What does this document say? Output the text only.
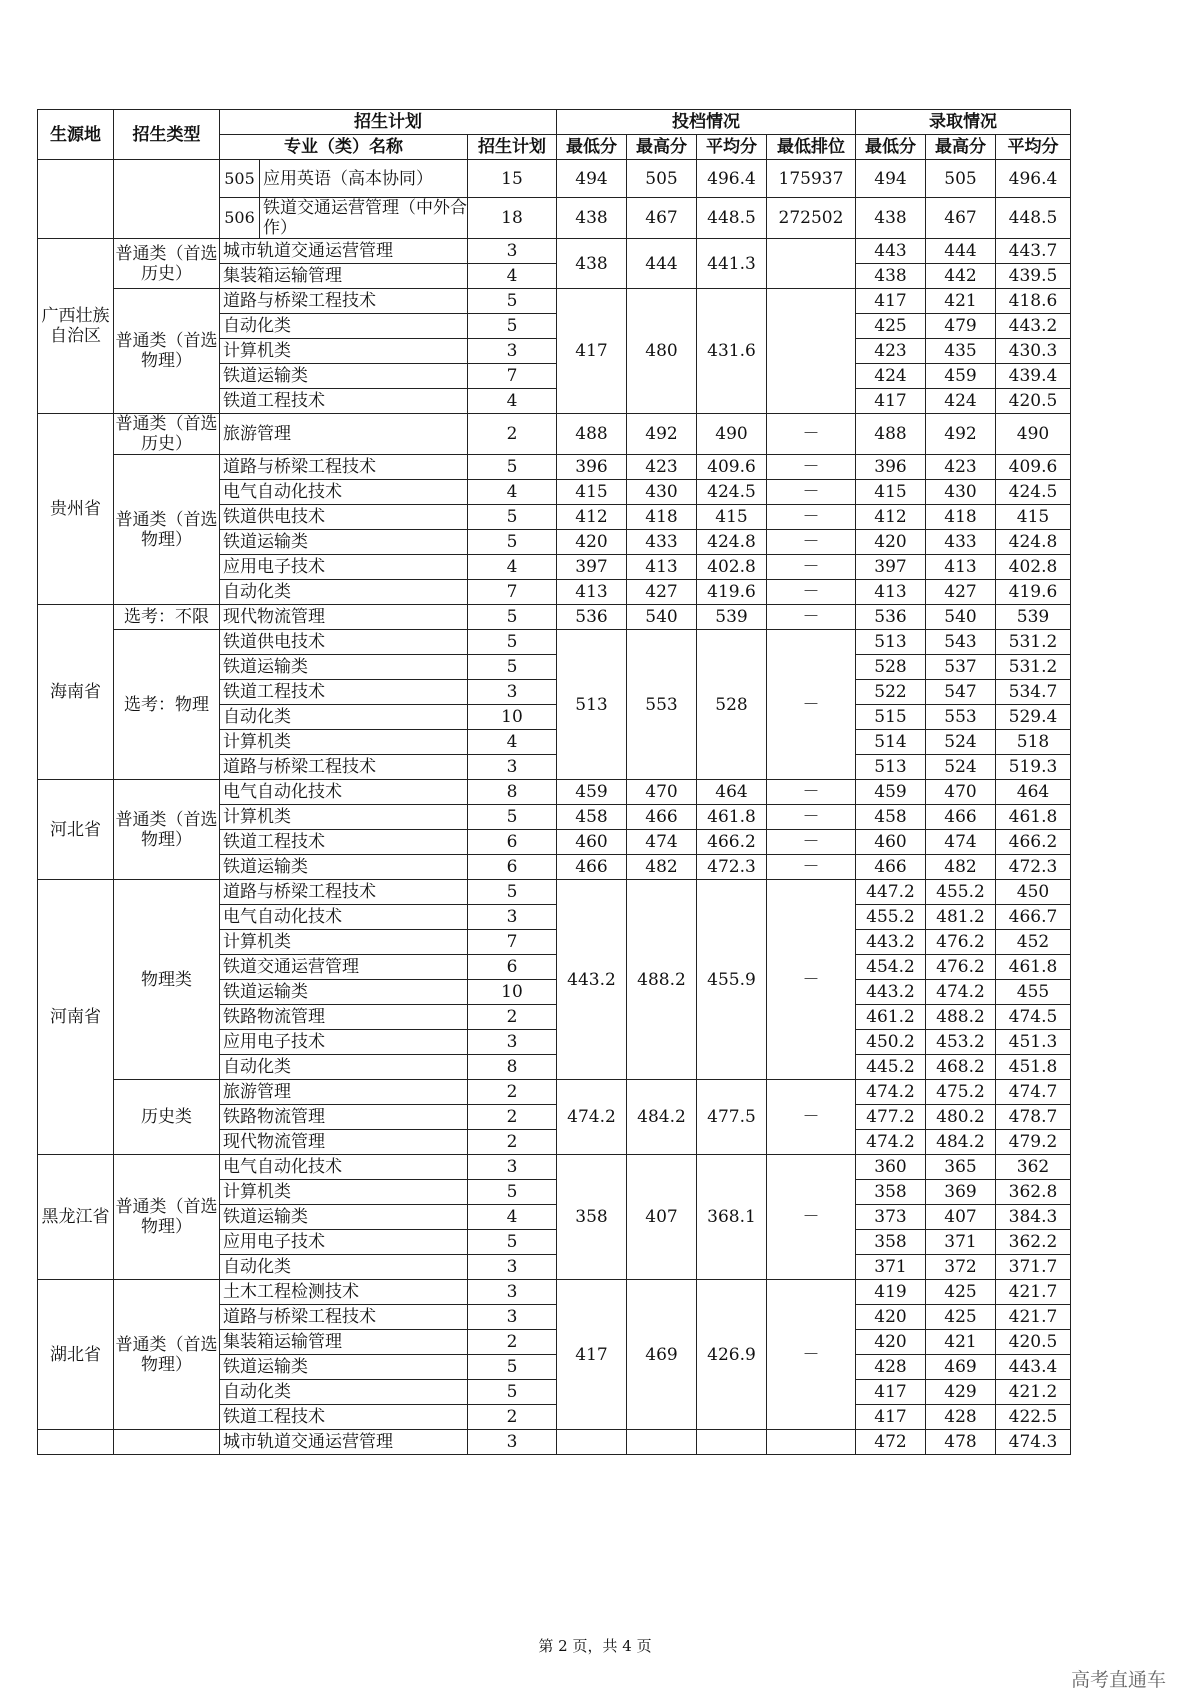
生源地	招生类型	招生计划			投档情况				录取情况		
		专业（类）名称		招生计划	最低分	最高分	平均分	最低排位	最低分	最高分	平均分
		505	应用英语（高本协同）	15	494	505	496.4	175937	494	505	496.4
		506	铁道交通运营管理（中外合作）	18	438	467	448.5	272502	438	467	448.5
广西壮族自治区	普通类（首选历史）	城市轨道交通运营管理		3	438	444	441.3		443	444	443.7
		集装箱运输管理		4					438	442	439.5
	普通类（首选物理）	道路与桥梁工程技术		5	417	480	431.6		417	421	418.6
		自动化类		5					425	479	443.2
		计算机类		3					423	435	430.3
		铁道运输类		7					424	459	439.4
		铁道工程技术		4					417	424	420.5
贵州省	普通类（首选历史）	旅游管理		2	488	492	490	－	488	492	490
	普通类（首选物理）	道路与桥梁工程技术		5	396	423	409.6	－	396	423	409.6
		电气自动化技术		4	415	430	424.5	－	415	430	424.5
		铁道供电技术		5	412	418	415	－	412	418	415
		铁道运输类		5	420	433	424.8	－	420	433	424.8
		应用电子技术		4	397	413	402.8	－	397	413	402.8
		自动化类		7	413	427	419.6	－	413	427	419.6
海南省	选考：不限	现代物流管理		5	536	540	539	－	536	540	539
	选考：物理	铁道供电技术		5	513	553	528	－	513	543	531.2
		铁道运输类		5					528	537	531.2
		铁道工程技术		3					522	547	534.7
		自动化类		10					515	553	529.4
		计算机类		4					514	524	518
		道路与桥梁工程技术		3					513	524	519.3
河北省	普通类（首选物理）	电气自动化技术		8	459	470	464	－	459	470	464
		计算机类		5	458	466	461.8	－	458	466	461.8
		铁道工程技术		6	460	474	466.2	－	460	474	466.2
		铁道运输类		6	466	482	472.3	－	466	482	472.3
河南省	物理类	道路与桥梁工程技术		5	443.2	488.2	455.9	－	447.2	455.2	450
		电气自动化技术		3					455.2	481.2	466.7
		计算机类		7					443.2	476.2	452
		铁道交通运营管理		6					454.2	476.2	461.8
		铁道运输类		10					443.2	474.2	455
		铁路物流管理		2					461.2	488.2	474.5
		应用电子技术		3					450.2	453.2	451.3
		自动化类		8					445.2	468.2	451.8
	历史类	旅游管理		2	474.2	484.2	477.5	－	474.2	475.2	474.7
		铁路物流管理		2					477.2	480.2	478.7
		现代物流管理		2					474.2	484.2	479.2
黑龙江省	普通类（首选物理）	电气自动化技术		3	358	407	368.1	－	360	365	362
		计算机类		5					358	369	362.8
		铁道运输类		4					373	407	384.3
		应用电子技术		5					358	371	362.2
		自动化类		3					371	372	371.7
湖北省	普通类（首选物理）	土木工程检测技术		3	417	469	426.9	－	419	425	421.7
		道路与桥梁工程技术		3					420	425	421.7
		集装箱运输管理		2					420	421	420.5
		铁道运输类		5					428	469	443.4
		自动化类		5					417	429	421.2
		铁道工程技术		2					417	428	422.5
		城市轨道交通运营管理		3					472	478	474.3
第 2 页，共 4 页
高考直通车
